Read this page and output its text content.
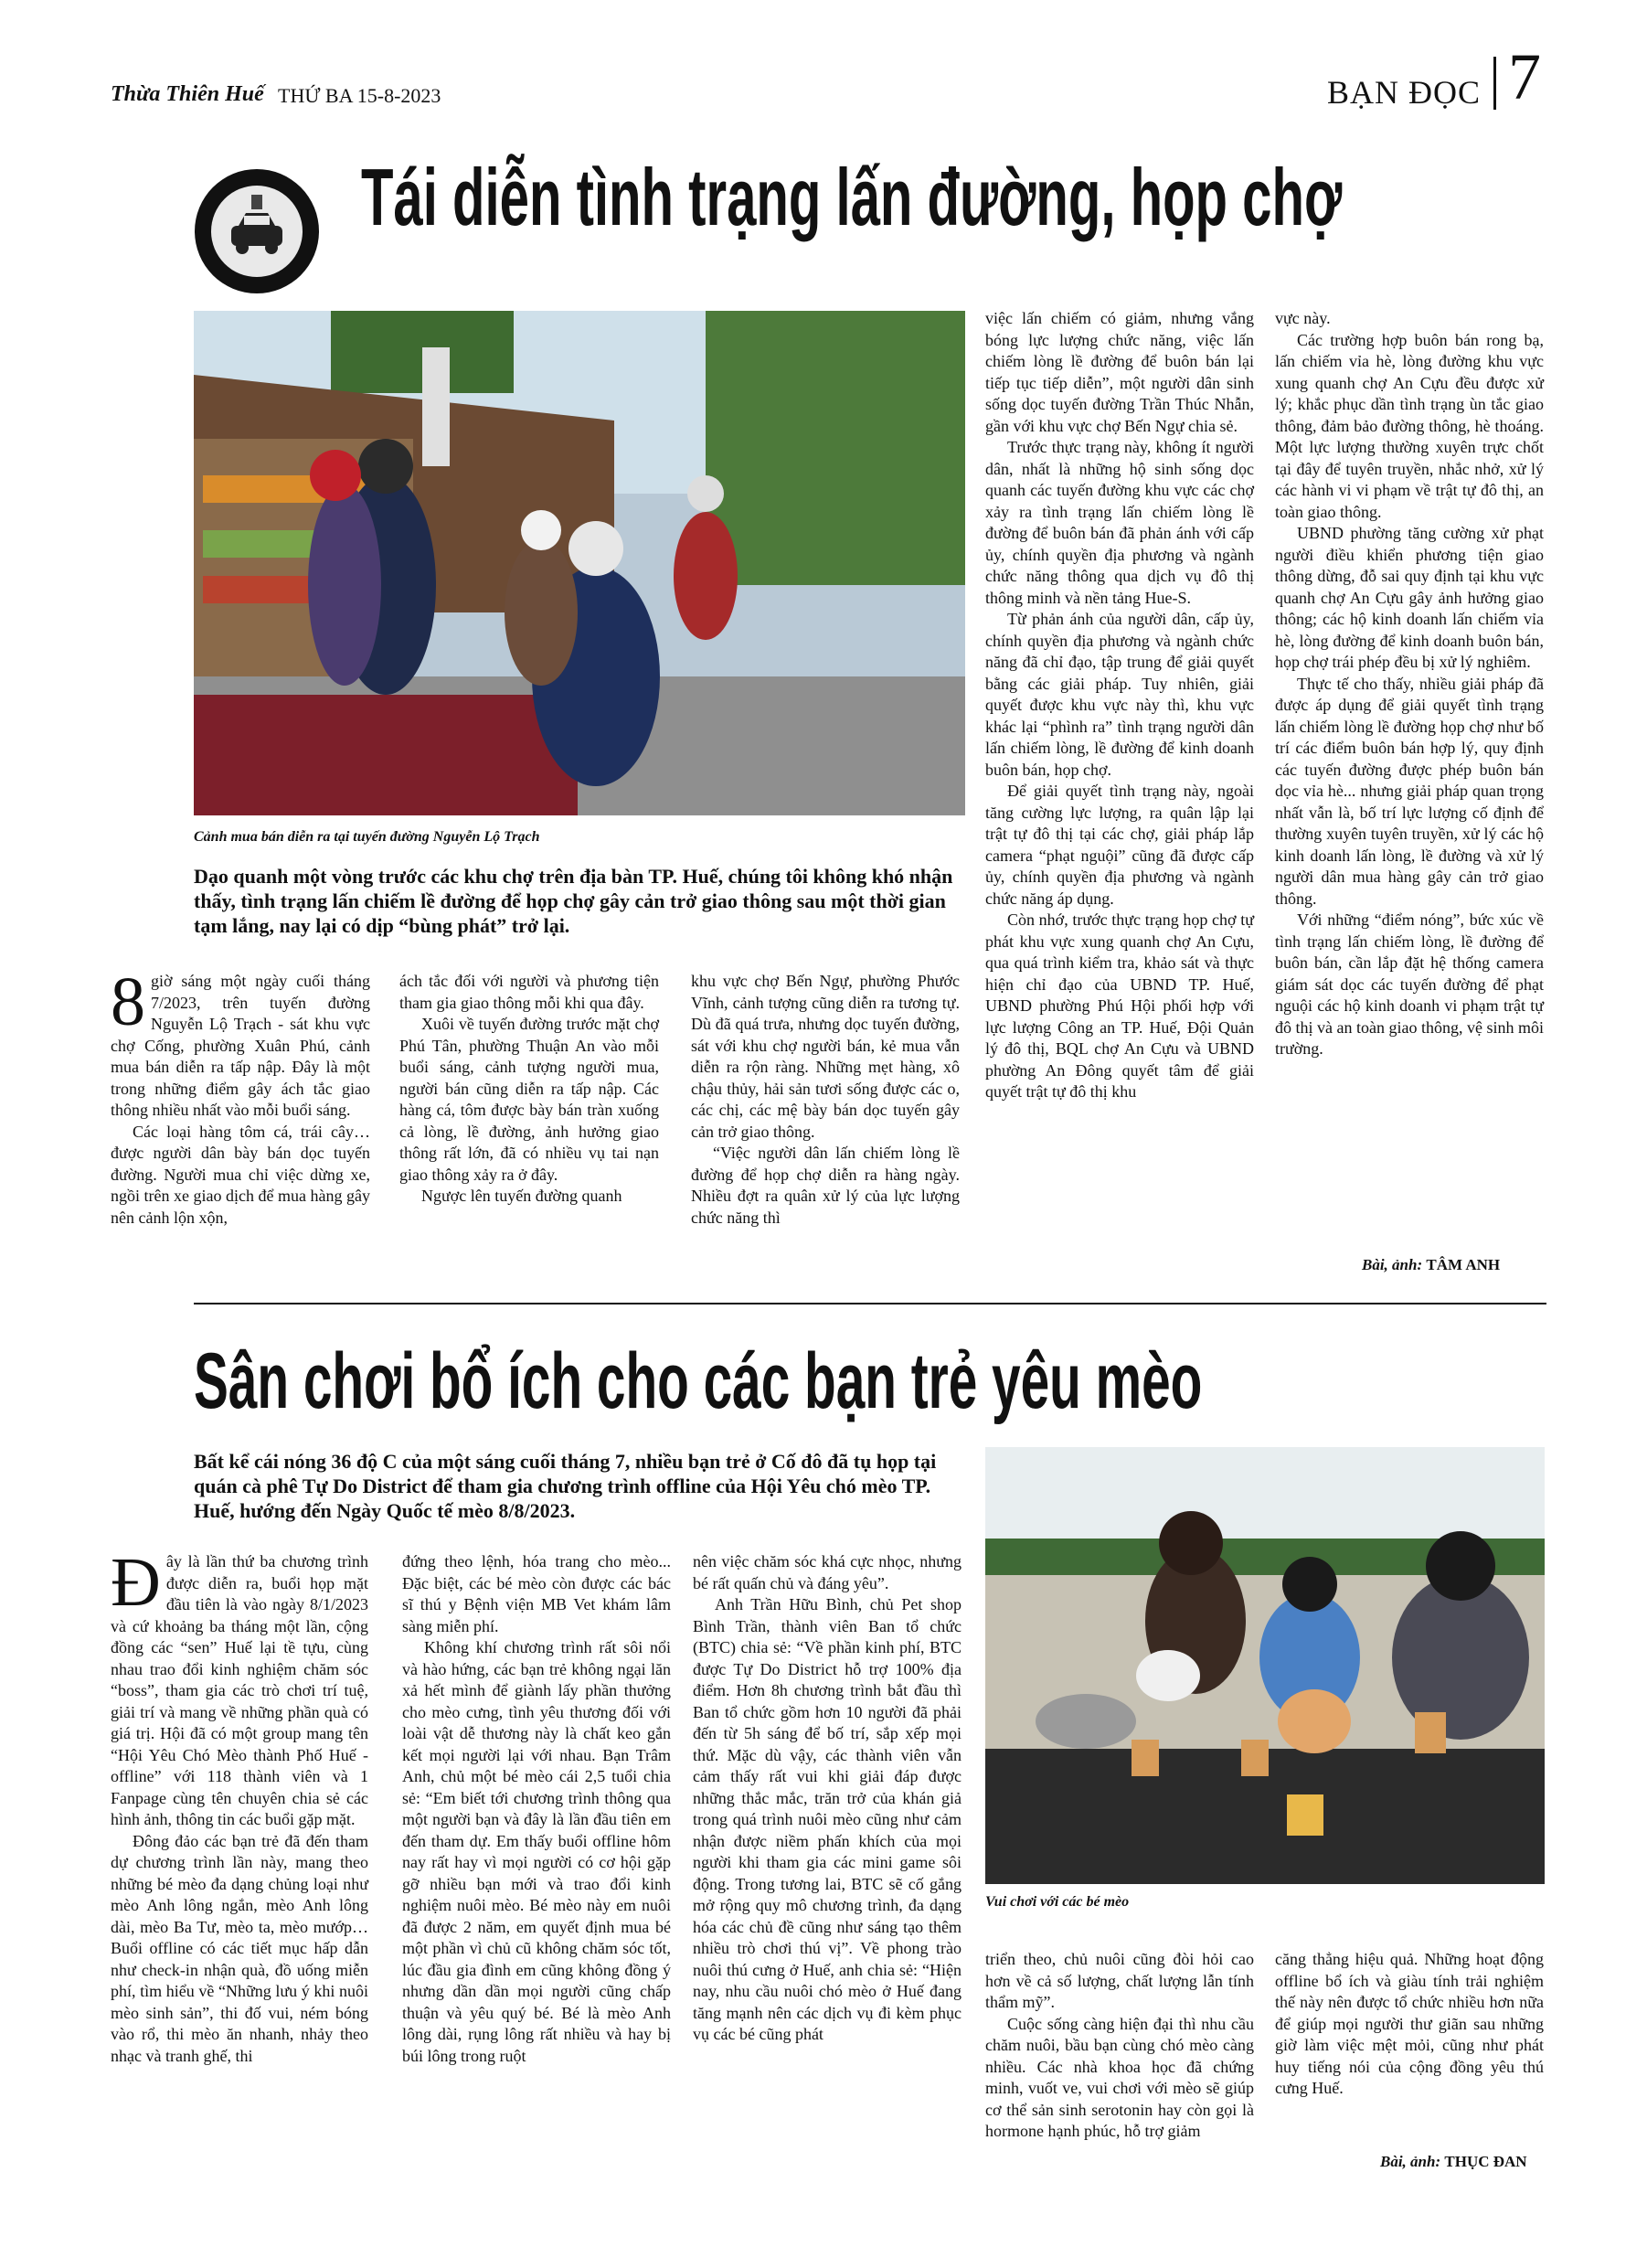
Thừa Thiên Huế THỨ BA 15-8-2023	BẠN ĐỌC 7
Tái diễn tình trạng lấn đường, họp chợ
Cảnh mua bán diễn ra tại tuyến đường Nguyễn Lộ Trạch
Dạo quanh một vòng trước các khu chợ trên địa bàn TP. Huế, chúng tôi không khó nhận thấy, tình trạng lấn chiếm lề đường để họp chợ gây cản trở giao thông sau một thời gian tạm lắng, nay lại có dịp “bùng phát” trở lại.

8 giờ sáng một ngày cuối tháng 7/2023, trên tuyến đường Nguyễn Lộ Trạch - sát khu vực chợ Cống, phường Xuân Phú, cảnh mua bán diễn ra tấp nập. Đây là một trong những điểm gây ách tắc giao thông nhiều nhất vào mỗi buổi sáng.

Các loại hàng tôm cá, trái cây… được người dân bày bán dọc tuyến đường. Người mua chỉ việc dừng xe, ngồi trên xe giao dịch để mua hàng gây nên cảnh lộn xộn,

ách tắc đối với người và phương tiện tham gia giao thông mỗi khi qua đây.

Xuôi về tuyến đường trước mặt chợ Phú Tân, phường Thuận An vào mỗi buổi sáng, cảnh tượng người mua, người bán cũng diễn ra tấp nập. Các hàng cá, tôm được bày bán tràn xuống cả lòng, lề đường, ảnh hưởng giao thông rất lớn, đã có nhiều vụ tai nạn giao thông xảy ra ở đây.

Ngược lên tuyến đường quanh

khu vực chợ Bến Ngự, phường Phước Vĩnh, cảnh tượng cũng diễn ra tương tự. Dù đã quá trưa, nhưng dọc tuyến đường, sát với khu chợ người bán, kẻ mua vẫn diễn ra rộn ràng. Những mẹt hàng, xô chậu thủy, hải sản tươi sống được các o, các chị, các mệ bày bán dọc tuyến gây cản trở giao thông.

“Việc người dân lấn chiếm lòng lề đường để họp chợ diễn ra hàng ngày. Nhiều đợt ra quân xử lý của lực lượng chức năng thì

việc lấn chiếm có giảm, nhưng vắng bóng lực lượng chức năng, việc lấn chiếm lòng lề đường để buôn bán lại tiếp tục tiếp diễn”, một người dân sinh sống dọc tuyến đường Trần Thúc Nhẫn, gần với khu vực chợ Bến Ngự chia sẻ.

Trước thực trạng này, không ít người dân, nhất là những hộ sinh sống dọc quanh các tuyến đường khu vực các chợ xảy ra tình trạng lấn chiếm lòng lề đường để buôn bán đã phản ánh với cấp ủy, chính quyền địa phương và ngành chức năng thông qua dịch vụ đô thị thông minh và nền tảng Hue-S.

Từ phản ánh của người dân, cấp ủy, chính quyền địa phương và ngành chức năng đã chỉ đạo, tập trung để giải quyết bằng các giải pháp. Tuy nhiên, giải quyết được khu vực này thì, khu vực khác lại “phình ra” tình trạng người dân lấn chiếm lòng, lề đường để kinh doanh buôn bán, họp chợ.

Để giải quyết tình trạng này, ngoài tăng cường lực lượng, ra quân lập lại trật tự đô thị tại các chợ, giải pháp lắp camera “phạt nguội” cũng đã được cấp ủy, chính quyền địa phương và ngành chức năng áp dụng.

Còn nhớ, trước thực trạng họp chợ tự phát khu vực xung quanh chợ An Cựu, qua quá trình kiểm tra, khảo sát và thực hiện chỉ đạo của UBND TP. Huế, UBND phường Phú Hội phối hợp với lực lượng Công an TP. Huế, Đội Quản lý đô thị, BQL chợ An Cựu và UBND phường An Đông quyết tâm để giải quyết trật tự đô thị khu

vực này.

Các trường hợp buôn bán rong bạ, lấn chiếm vỉa hè, lòng đường khu vực xung quanh chợ An Cựu đều được xử lý; khắc phục dần tình trạng ùn tắc giao thông, đảm bảo đường thông, hè thoáng. Một lực lượng thường xuyên trực chốt tại đây để tuyên truyền, nhắc nhở, xử lý các hành vi vi phạm về trật tự đô thị, an toàn giao thông.

UBND phường tăng cường xử phạt người điều khiển phương tiện giao thông dừng, đỗ sai quy định tại khu vực quanh chợ An Cựu gây ảnh hưởng giao thông; các hộ kinh doanh lấn chiếm vỉa hè, lòng đường để kinh doanh buôn bán, họp chợ trái phép đều bị xử lý nghiêm.

Thực tế cho thấy, nhiều giải pháp đã được áp dụng để giải quyết tình trạng lấn chiếm lòng lề đường họp chợ như bố trí các điểm buôn bán hợp lý, quy định các tuyến đường được phép buôn bán dọc vỉa hè... nhưng giải pháp quan trọng nhất vẫn là, bố trí lực lượng cố định để thường xuyên tuyên truyền, xử lý các hộ kinh doanh lấn lòng, lề đường và xử lý người dân mua hàng gây cản trở giao thông.

Với những “điểm nóng”, bức xúc về tình trạng lấn chiếm lòng, lề đường để buôn bán, cần lắp đặt hệ thống camera giám sát dọc các tuyến đường để phạt nguội các hộ kinh doanh vi phạm trật tự đô thị và an toàn giao thông, vệ sinh môi trường.

Bài, ảnh: TÂM ANH
Sân chơi bổ ích cho các bạn trẻ yêu mèo
Bất kể cái nóng 36 độ C của một sáng cuối tháng 7, nhiều bạn trẻ ở Cố đô đã tụ họp tại quán cà phê Tự Do District để tham gia chương trình offline của Hội Yêu chó mèo TP. Huế, hướng đến Ngày Quốc tế mèo 8/8/2023.
Vui chơi với các bé mèo

Đây là lần thứ ba chương trình được diễn ra, buổi họp mặt đầu tiên là vào ngày 8/1/2023 và cứ khoảng ba tháng một lần, cộng đồng các “sen” Huế lại tề tựu, cùng nhau trao đổi kinh nghiệm chăm sóc “boss”, tham gia các trò chơi trí tuệ, giải trí và mang về những phần quà có giá trị. Hội đã có một group mang tên “Hội Yêu Chó Mèo thành Phố Huế - offline” với 118 thành viên và 1 Fanpage cùng tên chuyên chia sẻ các hình ảnh, thông tin các buổi gặp mặt.

Đông đảo các bạn trẻ đã đến tham dự chương trình lần này, mang theo những bé mèo đa dạng chủng loại như mèo Anh lông ngắn, mèo Anh lông dài, mèo Ba Tư, mèo ta, mèo mướp… Buổi offline có các tiết mục hấp dẫn như check-in nhận quà, đồ uống miễn phí, tìm hiểu về “Những lưu ý khi nuôi mèo sinh sản”, thi đố vui, ném bóng vào rổ, thi mèo ăn nhanh, nhảy theo nhạc và tranh ghế, thi

đứng theo lệnh, hóa trang cho mèo... Đặc biệt, các bé mèo còn được các bác sĩ thú y Bệnh viện MB Vet khám lâm sàng miễn phí.

Không khí chương trình rất sôi nổi và hào hứng, các bạn trẻ không ngại lăn xả hết mình để giành lấy phần thưởng cho mèo cưng, tình yêu thương đối với loài vật dễ thương này là chất keo gắn kết mọi người lại với nhau. Bạn Trâm Anh, chủ một bé mèo cái 2,5 tuổi chia sẻ: “Em biết tới chương trình thông qua một người bạn và đây là lần đầu tiên em đến tham dự. Em thấy buổi offline hôm nay rất hay vì mọi người có cơ hội gặp gỡ nhiều bạn mới và trao đổi kinh nghiệm nuôi mèo. Bé mèo này em nuôi đã được 2 năm, em quyết định mua bé một phần vì chủ cũ không chăm sóc tốt, lúc đầu gia đình em cũng không đồng ý nhưng dần dần mọi người cũng chấp thuận và yêu quý bé. Bé là mèo Anh lông dài, rụng lông rất nhiều và hay bị búi lông trong ruột

nên việc chăm sóc khá cực nhọc, nhưng bé rất quấn chủ và đáng yêu”.

Anh Trần Hữu Bình, chủ Pet shop Bình Trần, thành viên Ban tổ chức (BTC) chia sẻ: “Về phần kinh phí, BTC được Tự Do District hỗ trợ 100% địa điểm. Hơn 8h chương trình bắt đầu thì Ban tổ chức gồm hơn 10 người đã phải đến từ 5h sáng để bố trí, sắp xếp mọi thứ. Mặc dù vậy, các thành viên vẫn cảm thấy rất vui khi giải đáp được những thắc mắc, trăn trở của khán giả trong quá trình nuôi mèo cũng như cảm nhận được niềm phấn khích của mọi người khi tham gia các mini game sôi động. Trong tương lai, BTC sẽ cố gắng mở rộng quy mô chương trình, đa dạng hóa các chủ đề cũng như sáng tạo thêm nhiều trò chơi thú vị”. Về phong trào nuôi thú cưng ở Huế, anh chia sẻ: “Hiện nay, nhu cầu nuôi chó mèo ở Huế đang tăng mạnh nên các dịch vụ đi kèm phục vụ các bé cũng phát

triển theo, chủ nuôi cũng đòi hỏi cao hơn về cả số lượng, chất lượng lẫn tính thẩm mỹ”.

Cuộc sống càng hiện đại thì nhu cầu chăm nuôi, bầu bạn cùng chó mèo càng nhiều. Các nhà khoa học đã chứng minh, vuốt ve, vui chơi với mèo sẽ giúp cơ thể sản sinh serotonin hay còn gọi là hormone hạnh phúc, hỗ trợ giảm

căng thẳng hiệu quả. Những hoạt động offline bổ ích và giàu tính trải nghiệm thế này nên được tổ chức nhiều hơn nữa để giúp mọi người thư giãn sau những giờ làm việc mệt mỏi, cũng như phát huy tiếng nói của cộng đồng yêu thú cưng Huế.

Bài, ảnh: THỤC ĐAN
